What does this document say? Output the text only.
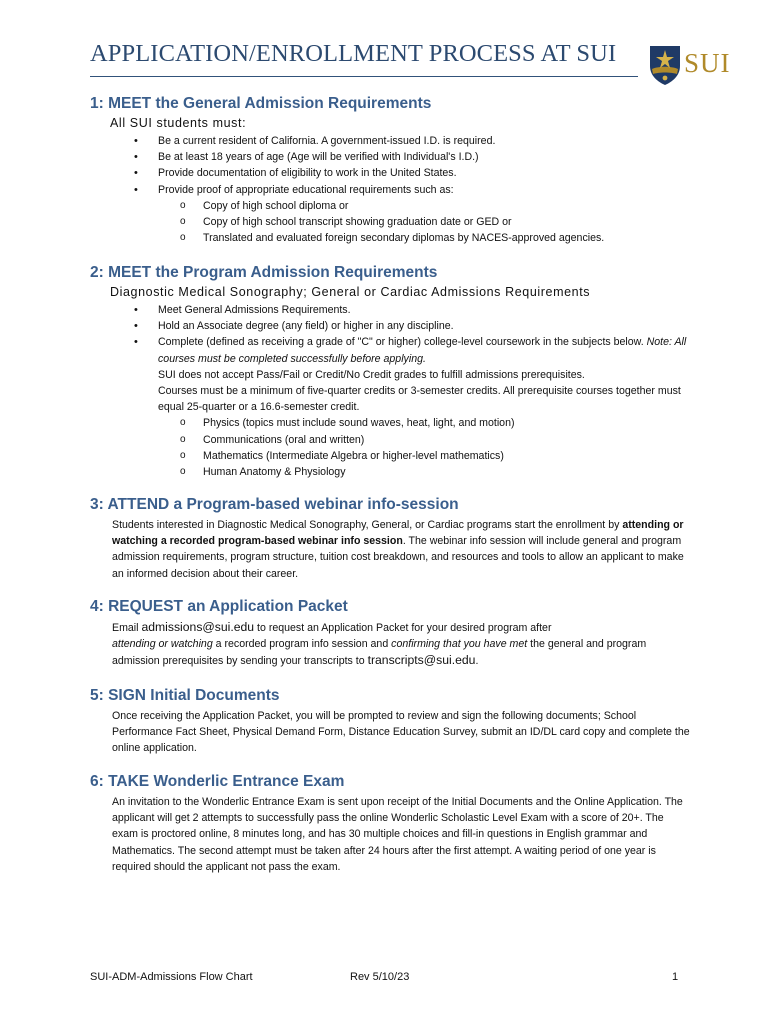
APPLICATION/ENROLLMENT PROCESS AT SUI	SUI
1: MEET the General Admission Requirements
All SUI students must:
• Be a current resident of California. A government-issued I.D. is required.
• Be at least 18 years of age (Age will be verified with Individual's I.D.)
• Provide documentation of eligibility to work in the United States.
• Provide proof of appropriate educational requirements such as:
o Copy of high school diploma or
o Copy of high school transcript showing graduation date or GED or
o Translated and evaluated foreign secondary diplomas by NACES-approved agencies.
2: MEET the Program Admission Requirements
Diagnostic Medical Sonography; General or Cardiac Admissions Requirements
• Meet General Admissions Requirements.
• Hold an Associate degree (any field) or higher in any discipline.
• Complete (defined as receiving a grade of "C" or higher) college-level coursework in the subjects below. Note: All courses must be completed successfully before applying.
SUI does not accept Pass/Fail or Credit/No Credit grades to fulfill admissions prerequisites.
Courses must be a minimum of five-quarter credits or 3-semester credits. All prerequisite courses together must equal 25-quarter or a 16.6-semester credit.
o Physics (topics must include sound waves, heat, light, and motion)
o Communications (oral and written)
o Mathematics (Intermediate Algebra or higher-level mathematics)
o Human Anatomy & Physiology
3: ATTEND a Program-based webinar info-session

Students interested in Diagnostic Medical Sonography, General, or Cardiac programs start the enrollment by attending or watching a recorded program-based webinar info session. The webinar info session will include general and program admission requirements, program structure, tuition cost breakdown, and resources and tools to allow an applicant to make an informed decision about their career.

4: REQUEST an Application Packet

Email admissions@sui.edu to request an Application Packet for your desired program after
attending or watching a recorded program info session and confirming that you have met the general and program admission prerequisites by sending your transcripts to transcripts@sui.edu.

5: SIGN Initial Documents

Once receiving the Application Packet, you will be prompted to review and sign the following documents; School Performance Fact Sheet, Physical Demand Form, Distance Education Survey, submit an ID/DL card copy and complete the online application.

6: TAKE Wonderlic Entrance Exam

An invitation to the Wonderlic Entrance Exam is sent upon receipt of the Initial Documents and the Online Application. The applicant will get 2 attempts to successfully pass the online Wonderlic Scholastic Level Exam with a score of 20+. The exam is proctored online, 8 minutes long, and has 30 multiple choices and fill-in questions in English grammar and Mathematics. The second attempt must be taken after 24 hours after the first attempt. A waiting period of one year is required should the applicant not pass the exam.

SUI-ADM-Admissions Flow Chart	Rev 5/10/23	1
